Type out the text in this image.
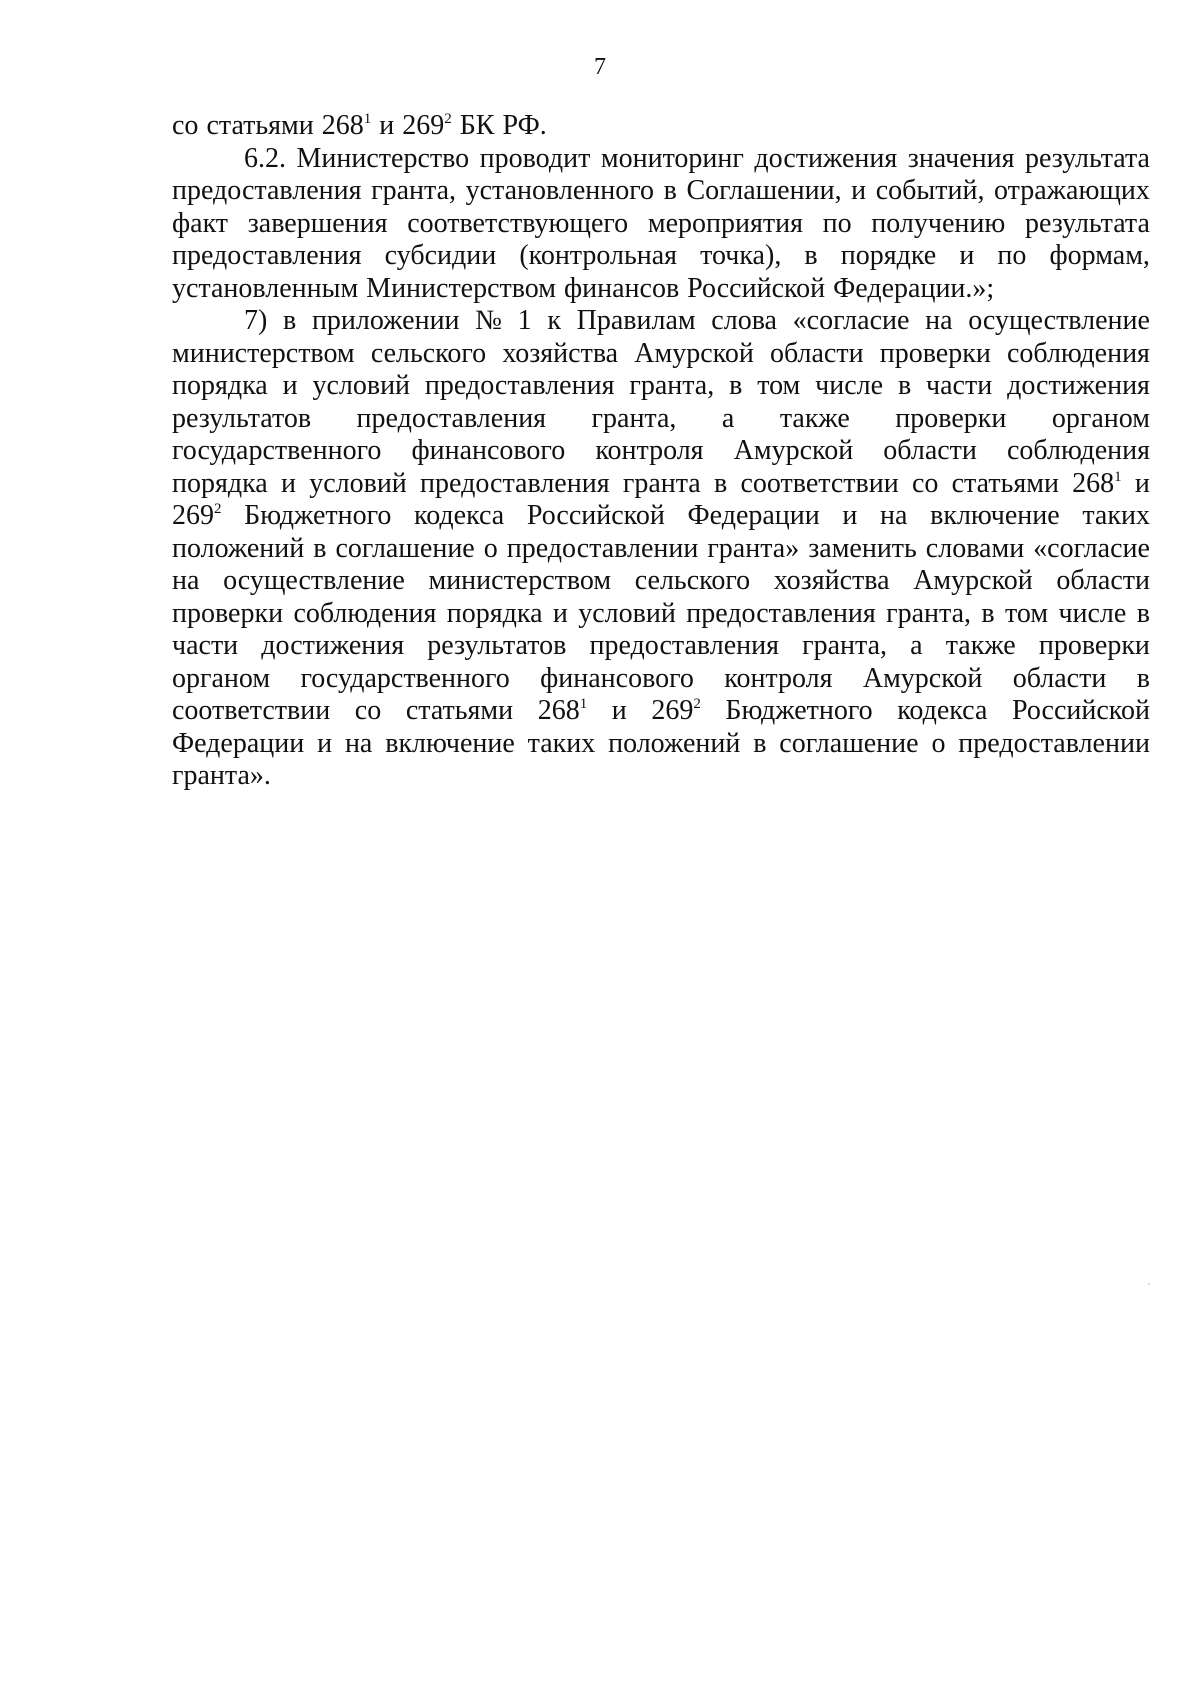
7
со статьями $268^1$ и $269^2$ БК РФ.
6.2. Министерство проводит мониторинг достижения значения результата
предоставления гранта, установленного в Соглашении, и событий, отражающих
факт завершения соответствующего мероприятия по получению результата
предоставления субсидии (контрольная точка), в порядке и по формам,
установленным Министерством финансов Российской Федерации.»;
7) в приложении № 1 к Правилам слова «согласие на осуществление
министерством сельского хозяйства Амурской области проверки соблюдения
порядка и условий предоставления гранта, в том числе в части достижения
результатов предоставления гранта, а также проверки органом
государственного финансового контроля Амурской области соблюдения
порядка и условий предоставления гранта в соответствии со статьями $268^1$ и
$269^2$ Бюджетного кодекса Российской Федерации и на включение таких
положений в соглашение о предоставлении гранта» заменить словами «согласие
на осуществление министерством сельского хозяйства Амурской области
проверки соблюдения порядка и условий предоставления гранта, в том числе в
части достижения результатов предоставления гранта, а также проверки
органом государственного финансового контроля Амурской области в
соответствии со статьями $268^1$ и $269^2$ Бюджетного кодекса Российской
Федерации и на включение таких положений в соглашение о предоставлении
гранта».
